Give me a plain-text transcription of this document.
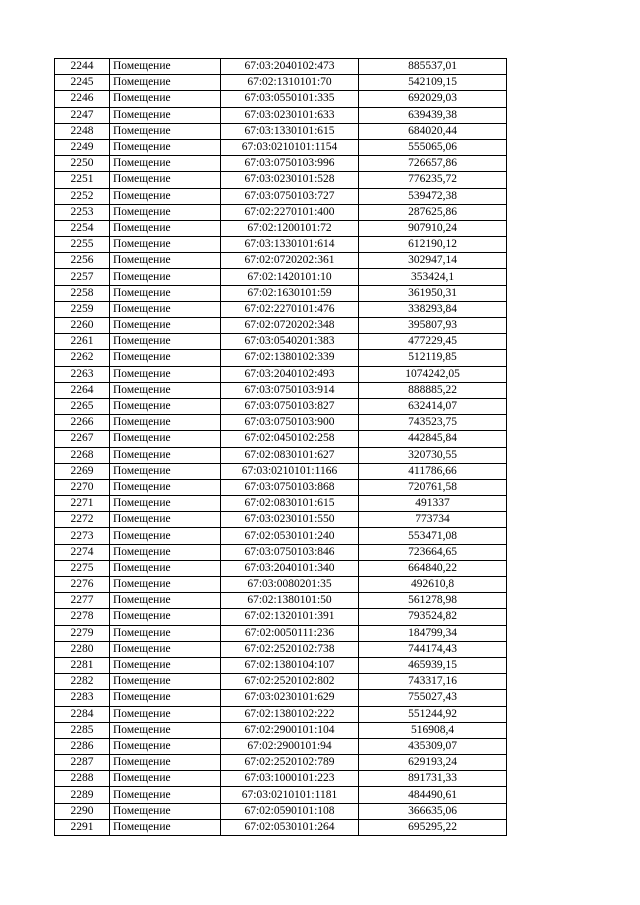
2244	Помещение	67:03:2040102:473	885537,01
2245	Помещение	67:02:1310101:70	542109,15
2246	Помещение	67:03:0550101:335	692029,03
2247	Помещение	67:03:0230101:633	639439,38
2248	Помещение	67:03:1330101:615	684020,44
2249	Помещение	67:03:0210101:1154	555065,06
2250	Помещение	67:03:0750103:996	726657,86
2251	Помещение	67:03:0230101:528	776235,72
2252	Помещение	67:03:0750103:727	539472,38
2253	Помещение	67:02:2270101:400	287625,86
2254	Помещение	67:02:1200101:72	907910,24
2255	Помещение	67:03:1330101:614	612190,12
2256	Помещение	67:02:0720202:361	302947,14
2257	Помещение	67:02:1420101:10	353424,1
2258	Помещение	67:02:1630101:59	361950,31
2259	Помещение	67:02:2270101:476	338293,84
2260	Помещение	67:02:0720202:348	395807,93
2261	Помещение	67:03:0540201:383	477229,45
2262	Помещение	67:02:1380102:339	512119,85
2263	Помещение	67:03:2040102:493	1074242,05
2264	Помещение	67:03:0750103:914	888885,22
2265	Помещение	67:03:0750103:827	632414,07
2266	Помещение	67:03:0750103:900	743523,75
2267	Помещение	67:02:0450102:258	442845,84
2268	Помещение	67:02:0830101:627	320730,55
2269	Помещение	67:03:0210101:1166	411786,66
2270	Помещение	67:03:0750103:868	720761,58
2271	Помещение	67:02:0830101:615	491337
2272	Помещение	67:03:0230101:550	773734
2273	Помещение	67:02:0530101:240	553471,08
2274	Помещение	67:03:0750103:846	723664,65
2275	Помещение	67:03:2040101:340	664840,22
2276	Помещение	67:03:0080201:35	492610,8
2277	Помещение	67:02:1380101:50	561278,98
2278	Помещение	67:02:1320101:391	793524,82
2279	Помещение	67:02:0050111:236	184799,34
2280	Помещение	67:02:2520102:738	744174,43
2281	Помещение	67:02:1380104:107	465939,15
2282	Помещение	67:02:2520102:802	743317,16
2283	Помещение	67:03:0230101:629	755027,43
2284	Помещение	67:02:1380102:222	551244,92
2285	Помещение	67:02:2900101:104	516908,4
2286	Помещение	67:02:2900101:94	435309,07
2287	Помещение	67:02:2520102:789	629193,24
2288	Помещение	67:03:1000101:223	891731,33
2289	Помещение	67:03:0210101:1181	484490,61
2290	Помещение	67:02:0590101:108	366635,06
2291	Помещение	67:02:0530101:264	695295,22
